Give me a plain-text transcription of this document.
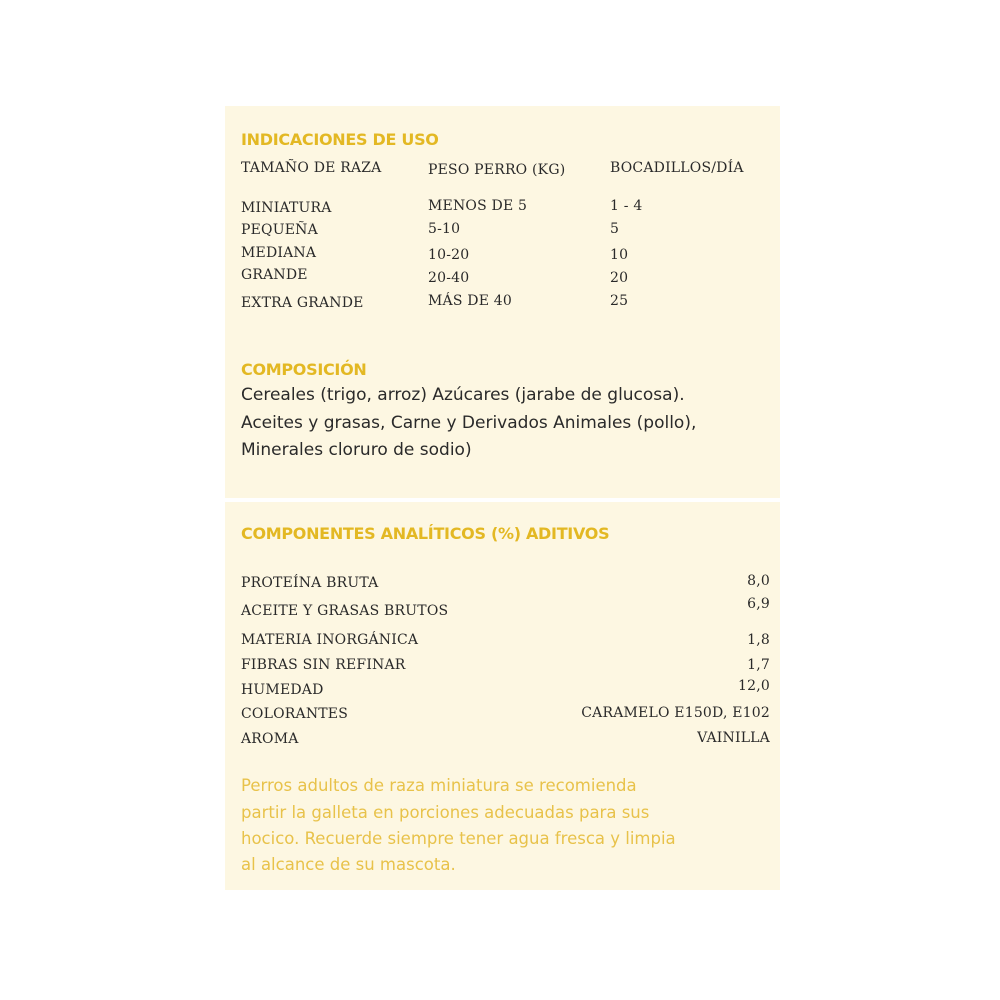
INDICACIONES DE USO
TAMAÑO DE RAZA	PESO PERRO (KG)	BOCADILLOS/DÍA
MINIATURA	MENOS DE 5	1 - 4
PEQUEÑA	5-10	5
MEDIANA	10-20	10
GRANDE	20-40	20
EXTRA GRANDE	MÁS DE 40	25
COMPOSICIÓN
Cereales (trigo, arroz) Azúcares (jarabe de glucosa).
Aceites y grasas, Carne y Derivados Animales (pollo),
Minerales cloruro de sodio)
COMPONENTES ANALÍTICOS (%) ADITIVOS
PROTEÍNA BRUTA	8,0
ACEITE Y GRASAS BRUTOS	6,9
MATERIA INORGÁNICA	1,8
FIBRAS SIN REFINAR	1,7
HUMEDAD	12,0
COLORANTES	CARAMELO E150D, E102
AROMA	VAINILLA
Perros adultos de raza miniatura se recomienda
partir la galleta en porciones adecuadas para sus
hocico. Recuerde siempre tener agua fresca y limpia
al alcance de su mascota.
